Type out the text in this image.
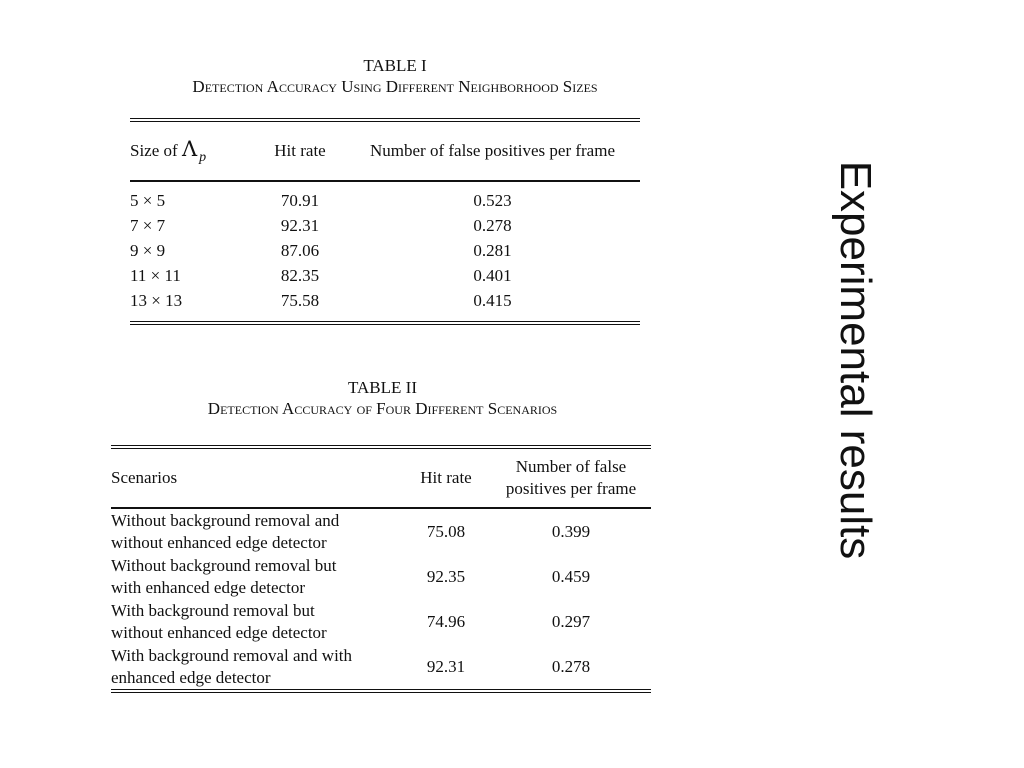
TABLE I
Detection Accuracy Using Different Neighborhood Sizes
Size of Λ $_p$	Hit rate	Number of false positives per frame
5 × 5	70.91	0.523
7 × 7	92.31	0.278
9 × 9	87.06	0.281
11 × 11	82.35	0.401
13 × 13	75.58	0.415
TABLE II
Detection Accuracy of Four Different Scenarios
Scenarios	Hit rate	Number of false
positives per frame

Without background removal and
without enhanced edge detector	75.08	0.399

Without background removal but
with enhanced edge detector	92.35	0.459

With background removal but
without enhanced edge detector	74.96	0.297

With background removal and with
enhanced edge detector	92.31	0.278
Experimental results
